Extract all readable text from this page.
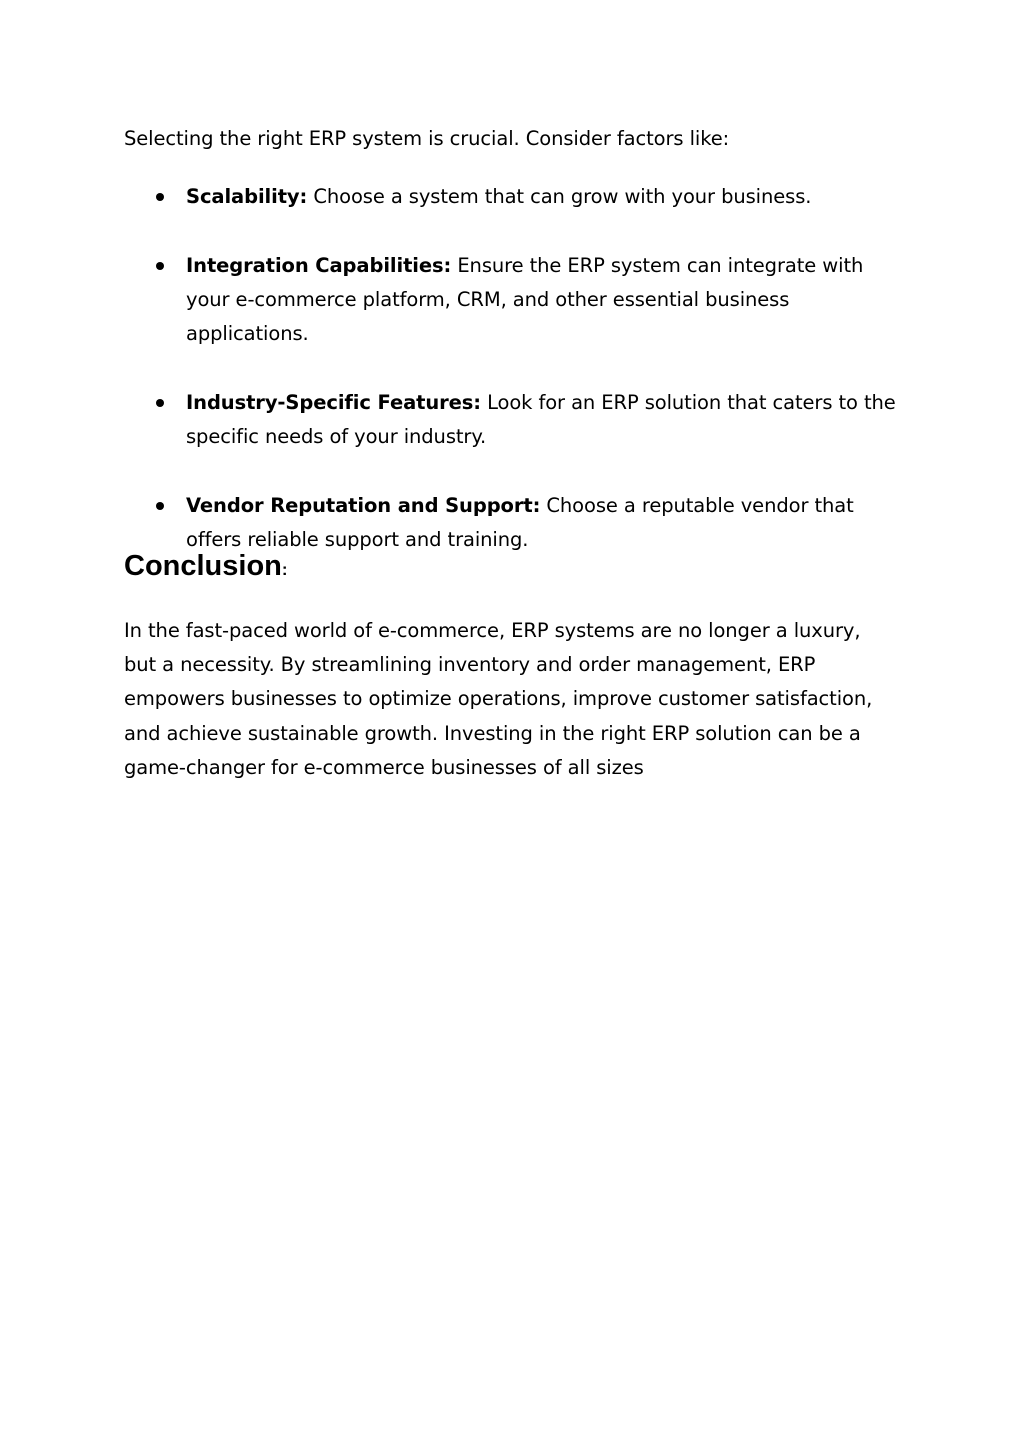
Selecting the right ERP system is crucial. Consider factors like:

Scalability: Choose a system that can grow with your business.
Integration Capabilities: Ensure the ERP system can integrate with your e-commerce platform, CRM, and other essential business applications.
Industry-Specific Features: Look for an ERP solution that caters to the specific needs of your industry.
Vendor Reputation and Support: Choose a reputable vendor that offers reliable support and training.
Conclusion:

In the fast-paced world of e-commerce, ERP systems are no longer a luxury, but a necessity. By streamlining inventory and order management, ERP empowers businesses to optimize operations, improve customer satisfaction, and achieve sustainable growth. Investing in the right ERP solution can be a game-changer for e-commerce businesses of all sizes
